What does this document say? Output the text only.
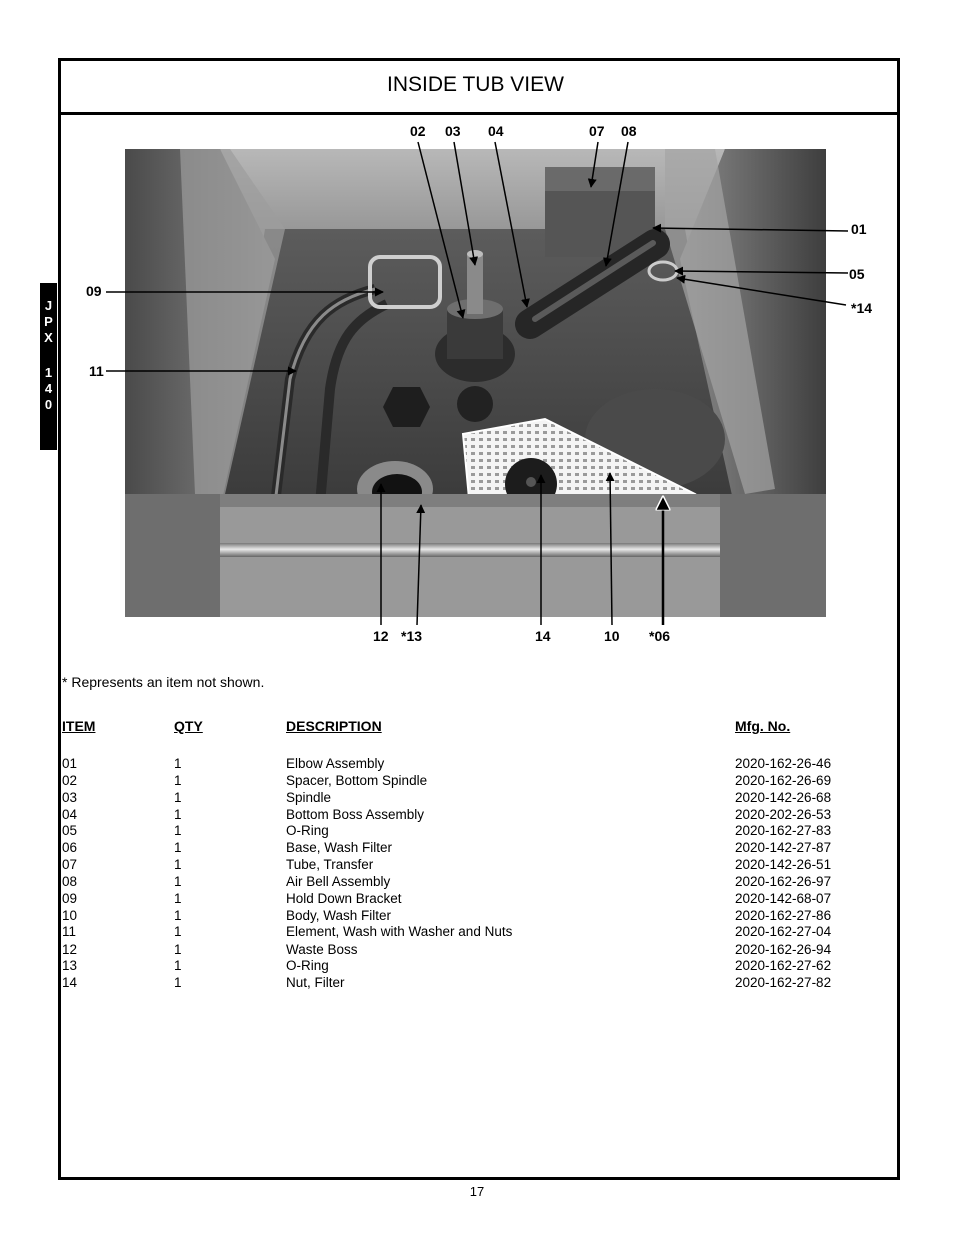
INSIDE TUB VIEW
J
P
X
1
4
0
02 03 04	07 08
01
05
*14
09
11
12 *13	14	10 *06
* Represents an item not shown.
ITEM	QTY	DESCRIPTION	Mfg. No.
01	1	Elbow Assembly	2020-162-26-46
02	1	Spacer, Bottom Spindle	2020-162-26-69
03	1	Spindle	2020-142-26-68
04	1	Bottom Boss Assembly	2020-202-26-53
05	1	O-Ring	2020-162-27-83
06	1	Base, Wash Filter	2020-142-27-87
07	1	Tube, Transfer	2020-142-26-51
08	1	Air Bell Assembly	2020-162-26-97
09	1	Hold Down Bracket	2020-142-68-07
10	1	Body, Wash Filter	2020-162-27-86
11	1	Element, Wash with Washer and Nuts	2020-162-27-04
12	1	Waste Boss	2020-162-26-94
13	1	O-Ring	2020-162-27-62
14	1	Nut, Filter	2020-162-27-82
17
